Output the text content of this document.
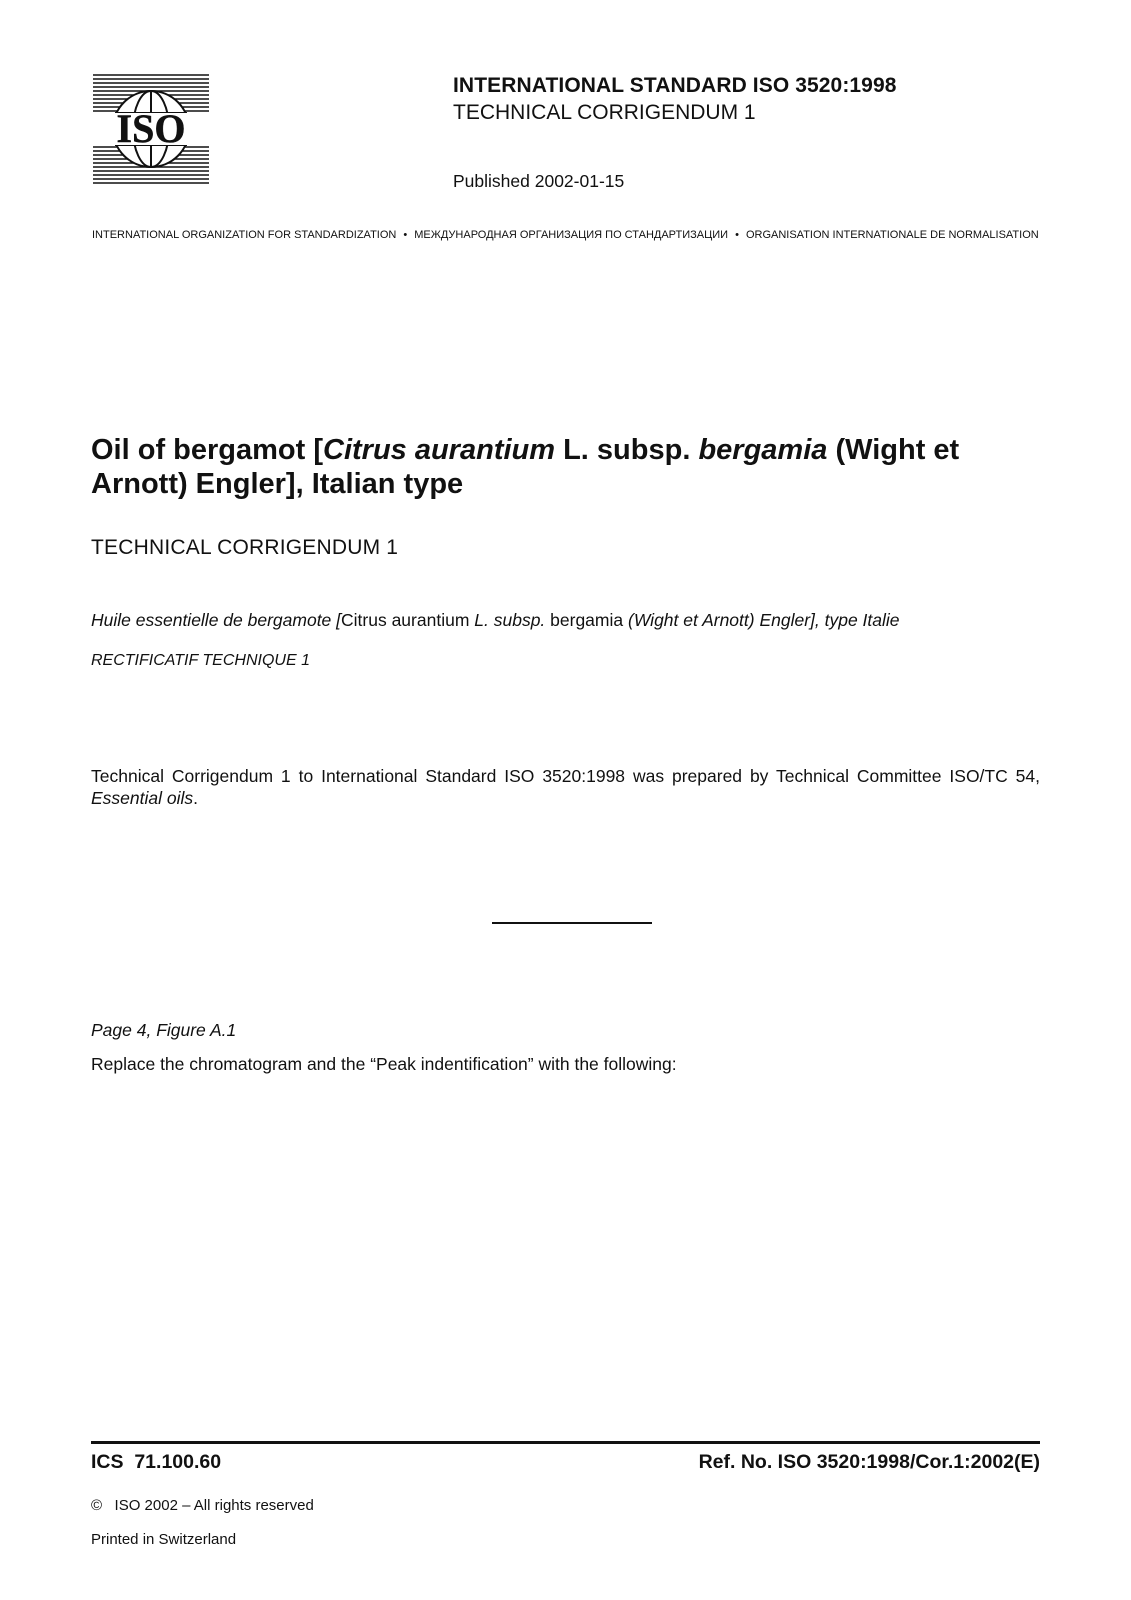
ISO
INTERNATIONAL STANDARD ISO 3520:1998
TECHNICAL CORRIGENDUM 1
Published 2002-01-15
INTERNATIONAL ORGANIZATION FOR STANDARDIZATION • МЕЖДУНАРОДНАЯ ОРГАНИЗАЦИЯ ПО СТАНДАРТИЗАЦИИ • ORGANISATION INTERNATIONALE DE NORMALISATION
Oil of bergamot [Citrus aurantium L. subsp. bergamia (Wight et Arnott) Engler], Italian type
TECHNICAL CORRIGENDUM 1
Huile essentielle de bergamote [Citrus aurantium L. subsp. bergamia (Wight et Arnott) Engler], type Italie
RECTIFICATIF TECHNIQUE 1
Technical Corrigendum 1 to International Standard ISO 3520:1998 was prepared by Technical Committee ISO/TC 54, Essential oils.
Page 4, Figure A.1
Replace the chromatogram and the “Peak indentification” with the following:
ICS  71.100.60	Ref. No. ISO 3520:1998/Cor.1:2002(E)
©   ISO 2002 – All rights reserved
Printed in Switzerland
